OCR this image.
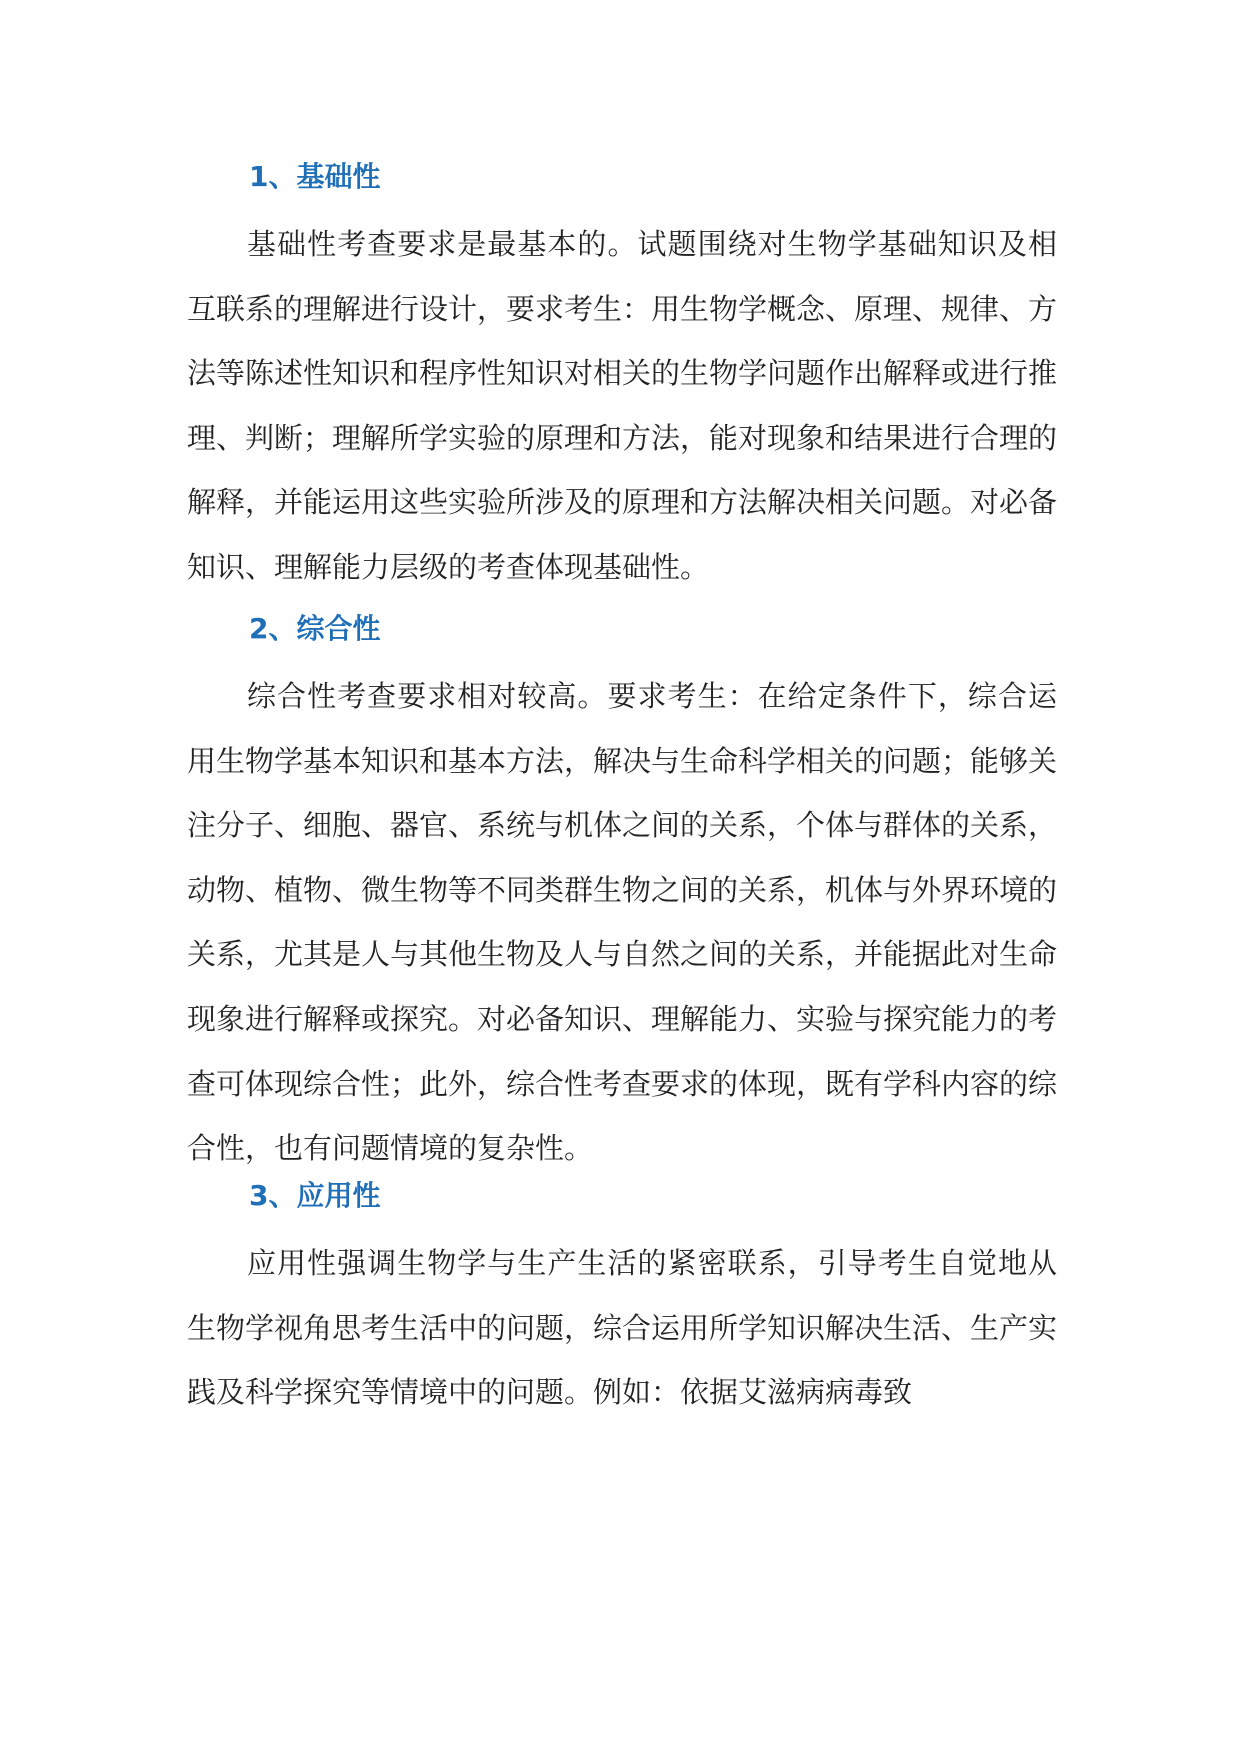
1、基础性

基础性考查要求是最基本的。试题围绕对生物学基础知识及相互联系的理解进行设计，要求考生：用生物学概念、原理、规律、方法等陈述性知识和程序性知识对相关的生物学问题作出解释或进行推理、判断；理解所学实验的原理和方法，能对现象和结果进行合理的解释，并能运用这些实验所涉及的原理和方法解决相关问题。对必备知识、理解能力层级的考查体现基础性。

2、综合性

综合性考查要求相对较高。要求考生：在给定条件下，综合运用生物学基本知识和基本方法，解决与生命科学相关的问题；能够关注分子、细胞、器官、系统与机体之间的关系，个体与群体的关系，动物、植物、微生物等不同类群生物之间的关系，机体与外界环境的关系，尤其是人与其他生物及人与自然之间的关系，并能据此对生命现象进行解释或探究。对必备知识、理解能力、实验与探究能力的考查可体现综合性；此外，综合性考查要求的体现，既有学科内容的综合性，也有问题情境的复杂性。

3、应用性

应用性强调生物学与生产生活的紧密联系，引导考生自觉地从生物学视角思考生活中的问题，综合运用所学知识解决生活、生产实践及科学探究等情境中的问题。例如：依据艾滋病病毒致
